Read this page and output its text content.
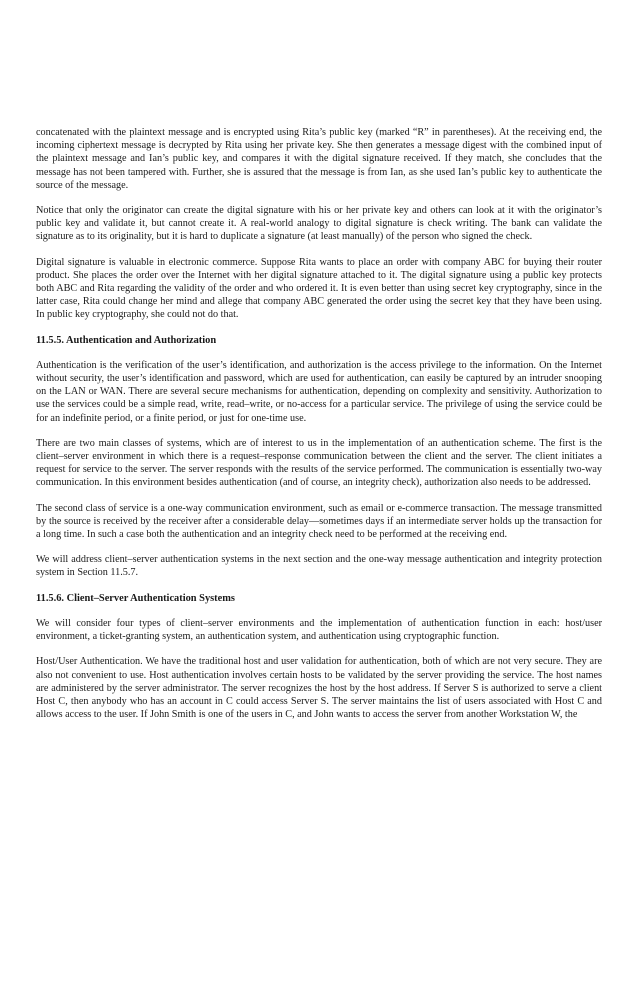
concatenated with the plaintext message and is encrypted using Rita’s public key (marked “R” in parentheses). At the receiving end, the incoming ciphertext message is decrypted by Rita using her private key. She then generates a message digest with the combined input of the plaintext message and Ian’s public key, and compares it with the digital signature received. If they match, she concludes that the message has not been tampered with. Further, she is assured that the message is from Ian, as she used Ian’s public key to authenticate the source of the message.

Notice that only the originator can create the digital signature with his or her private key and others can look at it with the originator’s public key and validate it, but cannot create it. A real-world analogy to digital signature is check writing. The bank can validate the signature as to its originality, but it is hard to duplicate a signature (at least manually) of the person who signed the check.

Digital signature is valuable in electronic commerce. Suppose Rita wants to place an order with company ABC for buying their router product. She places the order over the Internet with her digital signature attached to it. The digital signature using a public key protects both ABC and Rita regarding the validity of the order and who ordered it. It is even better than using secret key cryptography, since in the latter case, Rita could change her mind and allege that company ABC generated the order using the secret key that they have been using. In public key cryptography, she could not do that.

11.5.5. Authentication and Authorization

Authentication is the verification of the user’s identification, and authorization is the access privilege to the information. On the Internet without security, the user’s identification and password, which are used for authentication, can easily be captured by an intruder snooping on the LAN or WAN. There are several secure mechanisms for authentication, depending on complexity and sensitivity. Authorization to use the services could be a simple read, write, read–write, or no-access for a particular service. The privilege of using the service could be for an indefinite period, or a finite period, or just for one-time use.

There are two main classes of systems, which are of interest to us in the implementation of an authentication scheme. The first is the client–server environment in which there is a request–response communication between the client and the server. The client initiates a request for service to the server. The server responds with the results of the service performed. The communication is essentially two-way communication. In this environment besides authentication (and of course, an integrity check), authorization also needs to be addressed.

The second class of service is a one-way communication environment, such as email or e-commerce transaction. The message transmitted by the source is received by the receiver after a considerable delay—sometimes days if an intermediate server holds up the transaction for a long time. In such a case both the authentication and an integrity check need to be performed at the receiving end.

We will address client–server authentication systems in the next section and the one-way message authentication and integrity protection system in Section 11.5.7.

11.5.6. Client–Server Authentication Systems

We will consider four types of client–server environments and the implementation of authentication function in each: host/user environment, a ticket-granting system, an authentication system, and authentication using cryptographic function.

Host/User Authentication. We have the traditional host and user validation for authentication, both of which are not very secure. They are also not convenient to use. Host authentication involves certain hosts to be validated by the server providing the service. The host names are administered by the server administrator. The server recognizes the host by the host address. If Server S is authorized to serve a client Host C, then anybody who has an account in C could access Server S. The server maintains the list of users associated with Host C and allows access to the user. If John Smith is one of the users in C, and John wants to access the server from another Workstation W, the
